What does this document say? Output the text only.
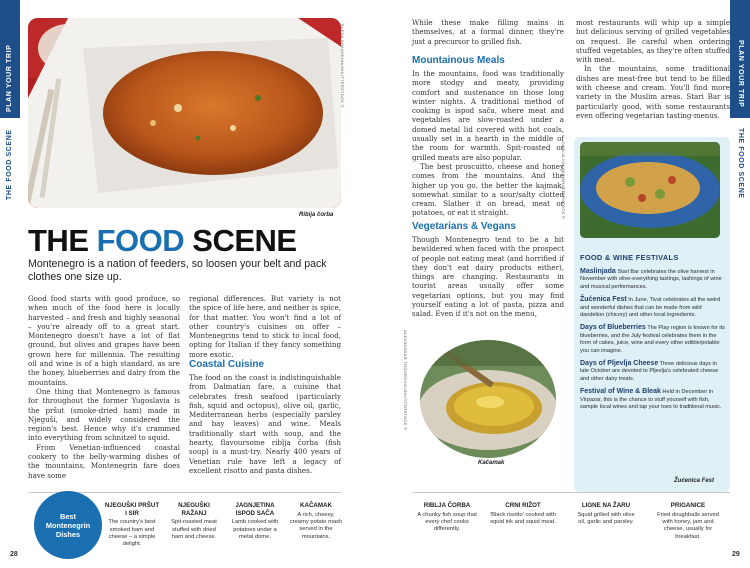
PLAN YOUR TRIP
THE FOOD SCENE
PLAN YOUR TRIP
THE FOOD SCENE
ELENA SHASHKINA/SHUTTERSTOCK ©
Ribija čorba
THE FOOD SCENE
Montenegro is a nation of feeders, so loosen your belt and pack clothes one size up.

Good food starts with good produce, so when much of the food here is locally harvested – and fresh and highly seasonal – you're already off to a great start. Montenegro doesn't have a lot of flat ground, but olives and grapes have been grown here for millennia. The resulting oil and wine is of a high standard, as are the honey, blueberries and dairy from the mountains.

One thing that Montenegro is famous for throughout the former Yugoslavia is the pršut (smoke-dried ham) made in Njeguši, and widely considered the region's best. Hence why it's crammed into everything from schnitzel to squid.

From Venetian-influenced coastal cookery to the belly-warming dishes of the mountains, Montenegrin fare does have some

regional differences. But variety is not the spice of life here, and neither is spice, for that matter. You won't find a lot of other country's cuisines on offer – Montenegrins tend to stick to local food, opting for Italian if they fancy something more exotic.

Coastal Cuisine

The food on the coast is indistinguishable from Dalmatian fare, a cuisine that celebrates fresh seafood (particularly fish, squid and octopus), olive oil, garlic, Mediterranean herbs (especially parsley and bay leaves) and wine. Meals traditionally start with soup, and the hearty, flavoursome riblja čorba (fish soup) is a must-try. Nearly 400 years of Venetian rule have left a legacy of excellent risotto and pasta dishes.

While these make filling mains in themselves, at a formal dinner, they're just a precursor to grilled fish.

Mountainous Meals

In the mountains, food was traditionally more stodgy and meaty, providing comfort and sustenance on those long winter nights. A traditional method of cooking is ispod sača, where meat and vegetables are slow-roasted under a domed metal lid covered with hot coals, usually set in a hearth in the middle of the room for warmth. Spit-roasted or grilled meats are also popular.

The best proscuitto, cheese and honey comes from the mountains. And the higher up you go, the better the kajmak, somewhat similar to a sour/salty clotted cream. Slather it on bread, meat or potatoes, or eat it straight.

Vegetarians & Vegans

Though Montenegro tend to be a bit bewildered when faced with the prospect of people not eating meat (and horrified if they don't eat dairy products either), things are changing. Restaurants in tourist areas usually offer some vegetarian options, but you may find yourself eating a lot of pasta, pizza and salad. Even if it's not on the menu,

most restaurants will whip up a simple but delicious serving of grilled vegetables on request. Be careful when ordering stuffed vegetables, as they're often stuffed with meat.

In the mountains, some traditional dishes are meat-free but tend to be filled with cheese and cream. You'll find more variety in the Muslim areas. Stari Bar is particularly good, with some restaurants even offering vegetarian tasting-menus.

ALEKSANDAR TODOROVIC/SHUTTERSTOCK ©
Kačamak
DARIJA KALINIC/SHUTTERSTOCK ©
FOOD & WINE FESTIVALS

Maslinjada Stari Bar celebrates the olive harvest in November with olive-everything tastings, lashings of wine and musical performances.

Žućenica Fest In June, Tivat celebrates all the weird and wonderful dishes that can be made from wild dandelion (chicory) and other local ingredients.

Days of Blueberries The Play region is known for its blueberries, and the July festival celebrates them in the form of cakes, juice, wine and every other edible/potable you can imagine.

Days of Pljevlja Cheese Three delicious days in late October are devoted to Pljevlja's celebrated cheese and other dairy treats.

Festival of Wine & Bleak Held in December in Virpazar, this is the chance to stuff yourself with fish, sample local wines and tap your toes to traditional music.

Žućenica Fest
Best Montenegrin Dishes
NJEGUŠKI PRŠUT I SIR
The country's best smoked ham and cheese – a simple delight.
NJEGUŠKI RAŽANJ
Spit-roasted meat stuffed with dried ham and cheese.
JAGNJETINA ISPOD SAČA
Lamb cooked with potatoes under a metal dome.
KAČAMAK
A rich, cheesy, creamy potato mash served in the mountains.
RIBLJA ČORBA
A chunky fish soup that every chef cooks differently.
CRNI RIŽOT
'Black risotto' cooked with squid ink and squid meat.
LIGNE NA ŽARU
Squid grilled with olive oil, garlic and parsley.
PRIGANICE
Fried doughballs served with honey, jam and cheese, usually for breakfast.
28	29
